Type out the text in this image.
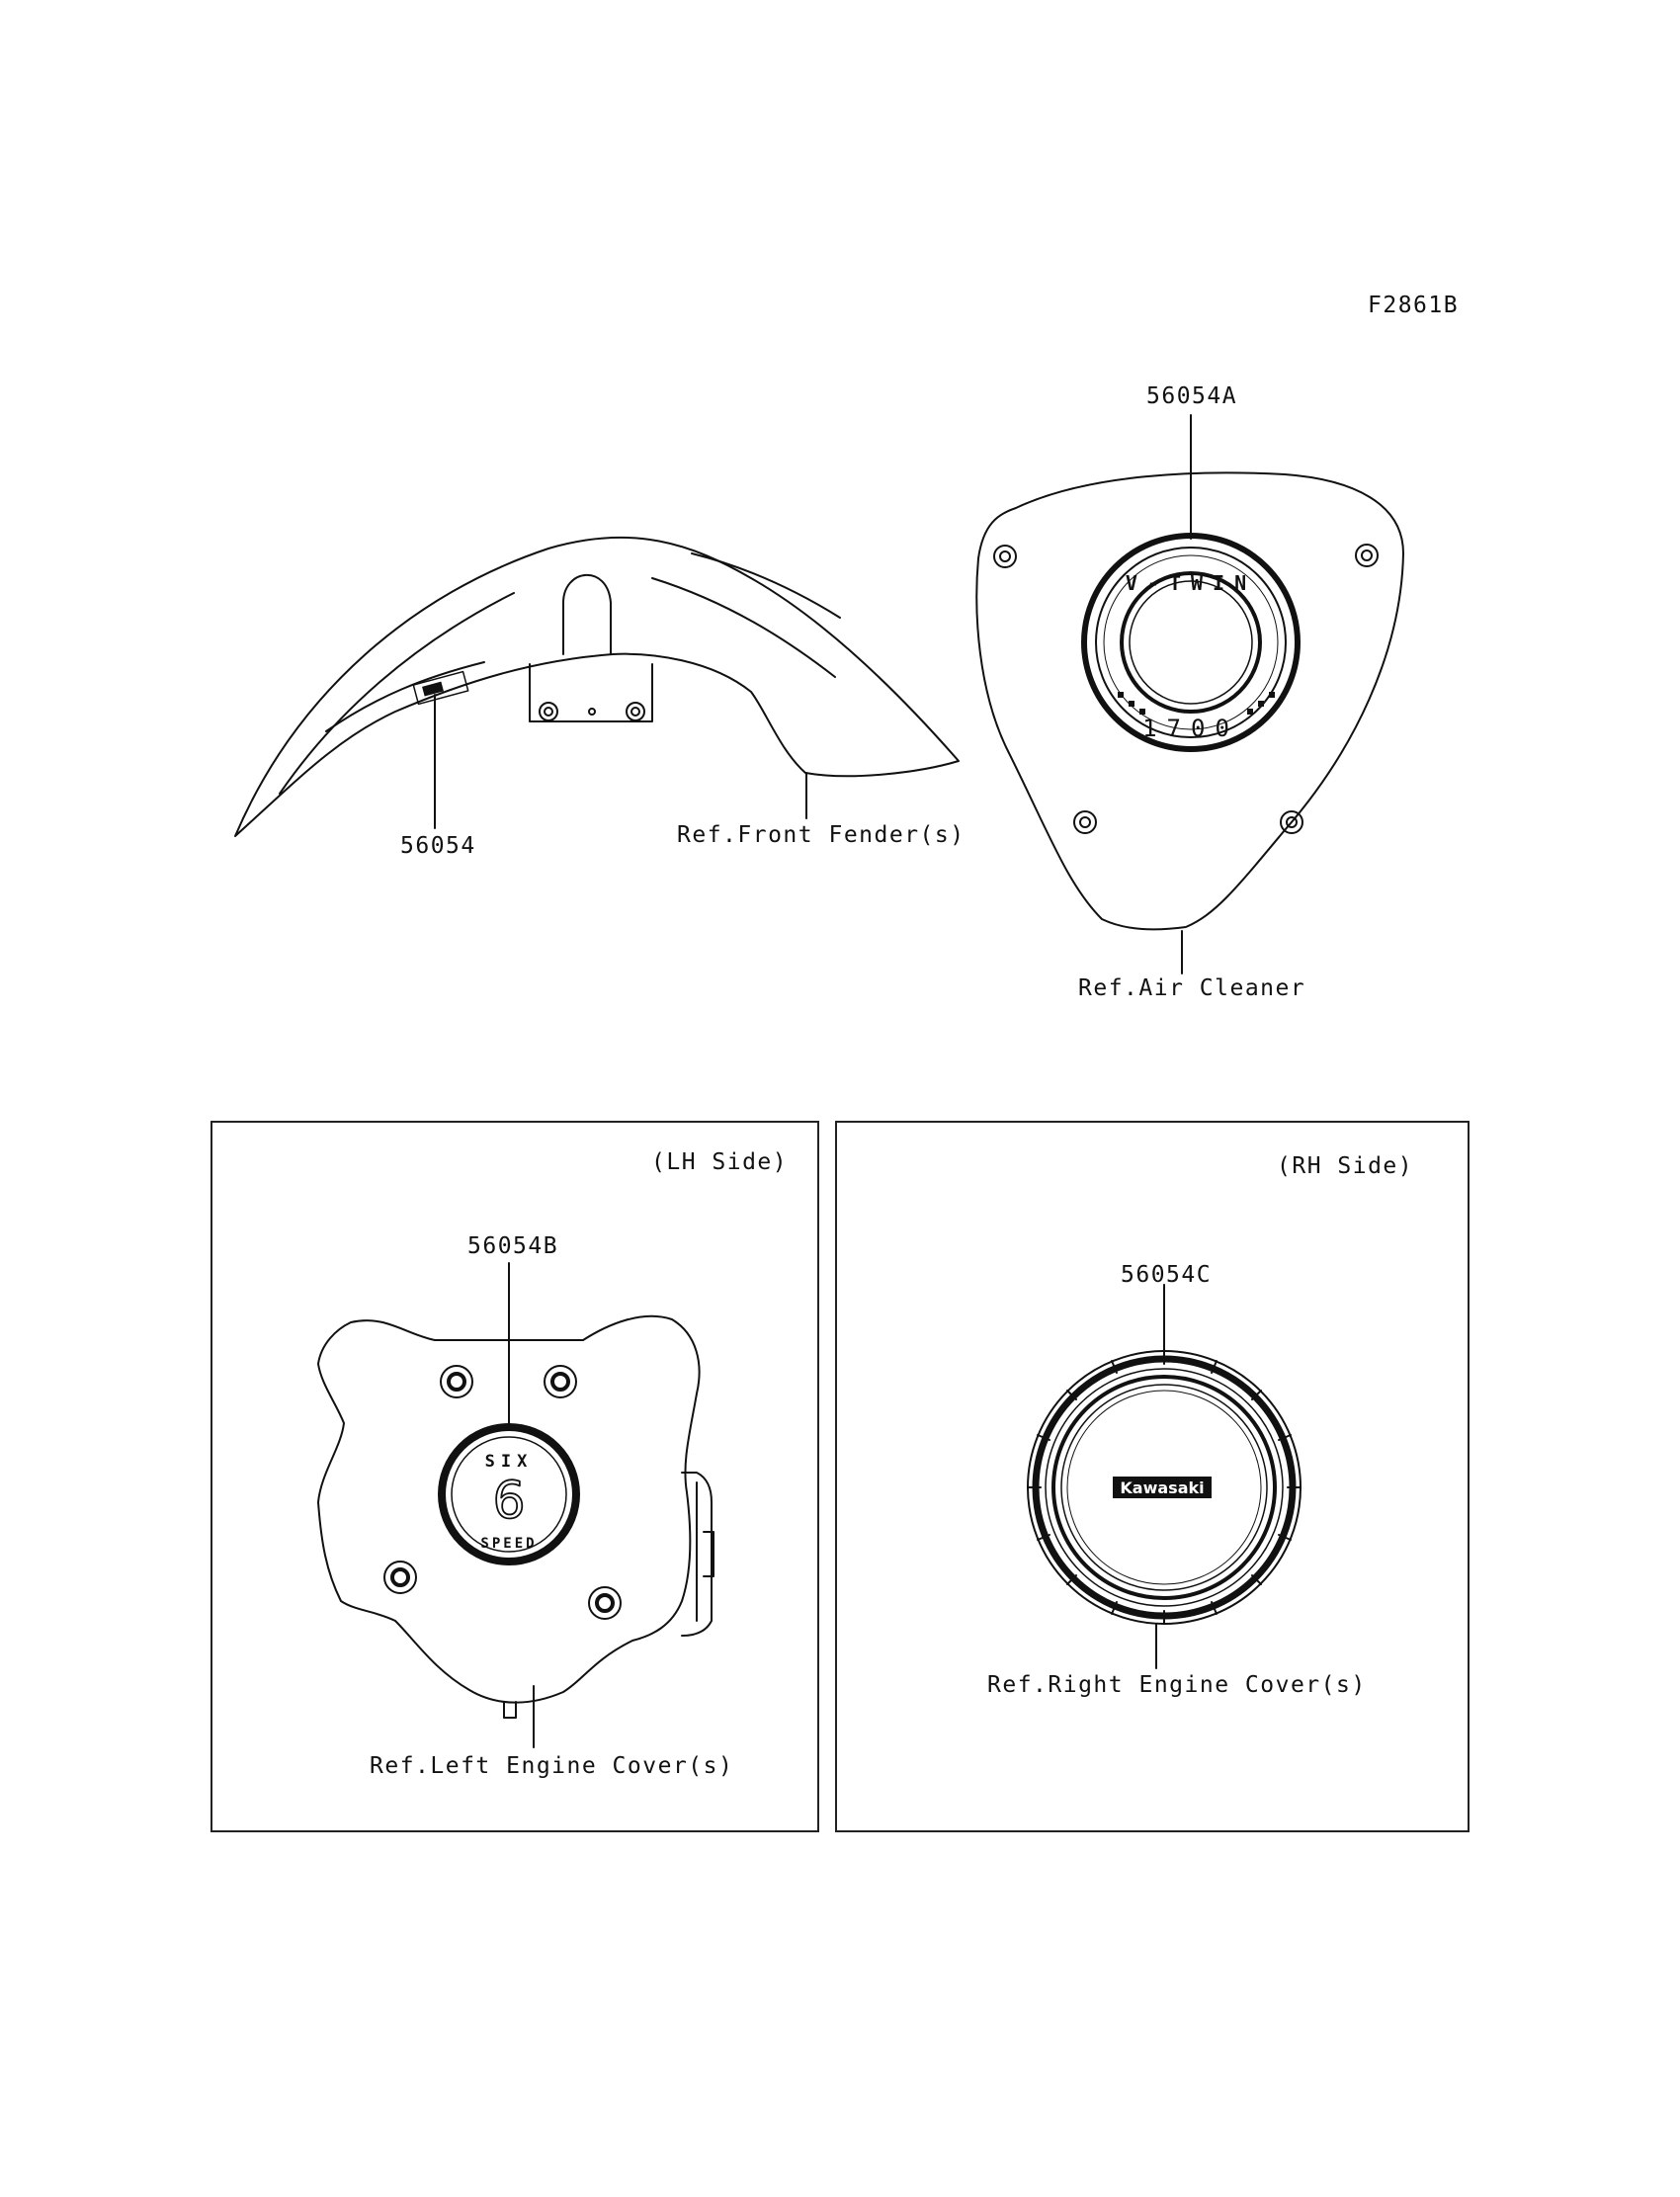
F2861B
56054A
56054	Ref.Front Fender(s)
Ref.Air Cleaner
(LH Side)
56054B
Ref.Left Engine Cover(s)
(RH Side)
56054C
Ref.Right Engine Cover(s)
V-TWIN
1700
SIX
6
SPEED
Kawasaki
